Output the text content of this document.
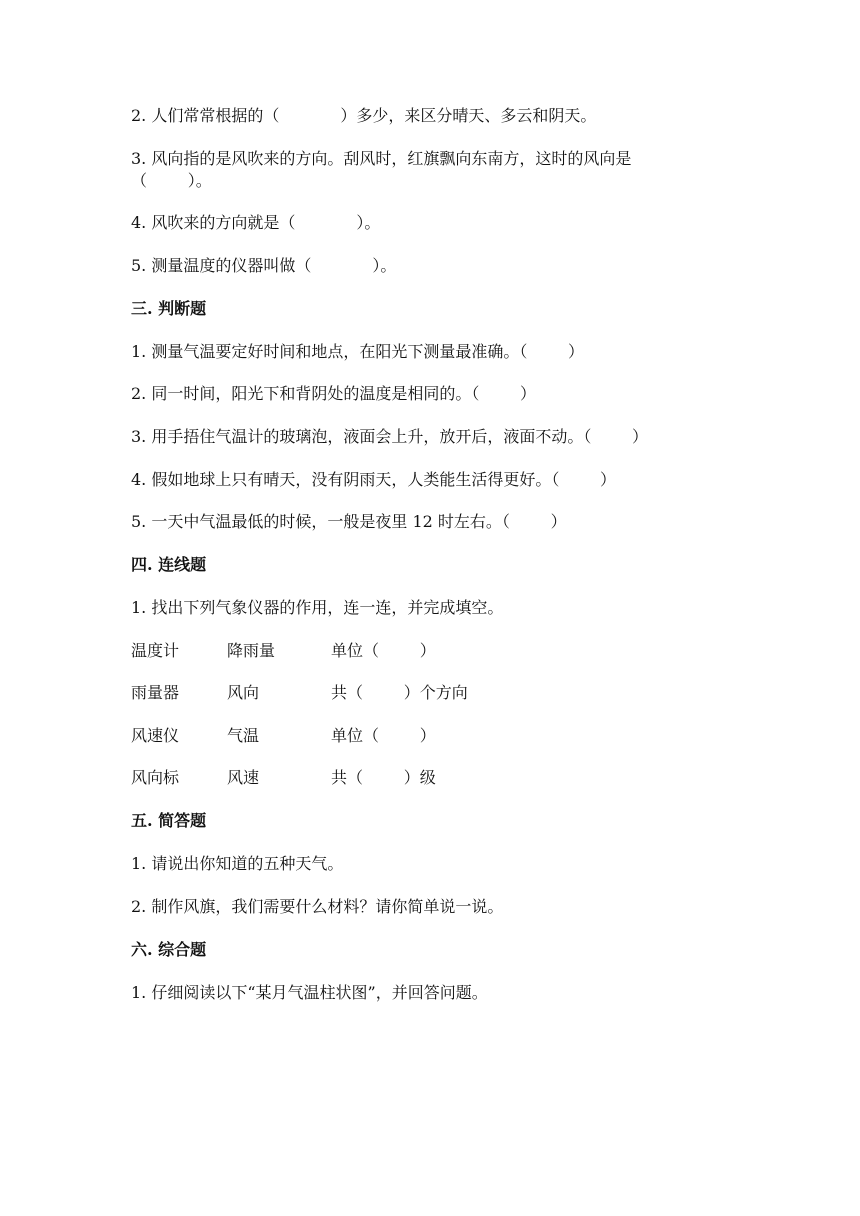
2. 人们常常根据的（            ）多少，来区分晴天、多云和阴天。
3. 风向指的是风吹来的方向。刮风时，红旗飘向东南方，这时的风向是
（        ）。
4. 风吹来的方向就是（            ）。
5. 测量温度的仪器叫做（            ）。
三. 判断题
1. 测量气温要定好时间和地点，在阳光下测量最准确。（        ）
2. 同一时间，阳光下和背阴处的温度是相同的。（        ）
3. 用手捂住气温计的玻璃泡，液面会上升，放开后，液面不动。（        ）
4. 假如地球上只有晴天，没有阴雨天，人类能生活得更好。（        ）
5. 一天中气温最低的时候，一般是夜里 12 时左右。（        ）
四. 连线题
1. 找出下列气象仪器的作用，连一连，并完成填空。
温度计	降雨量	单位（        ）
雨量器	风向	共（        ）个方向
风速仪	气温	单位（        ）
风向标	风速	共（        ）级
五. 简答题
1. 请说出你知道的五种天气。
2. 制作风旗，我们需要什么材料？请你简单说一说。
六. 综合题
1. 仔细阅读以下“某月气温柱状图”，并回答问题。
